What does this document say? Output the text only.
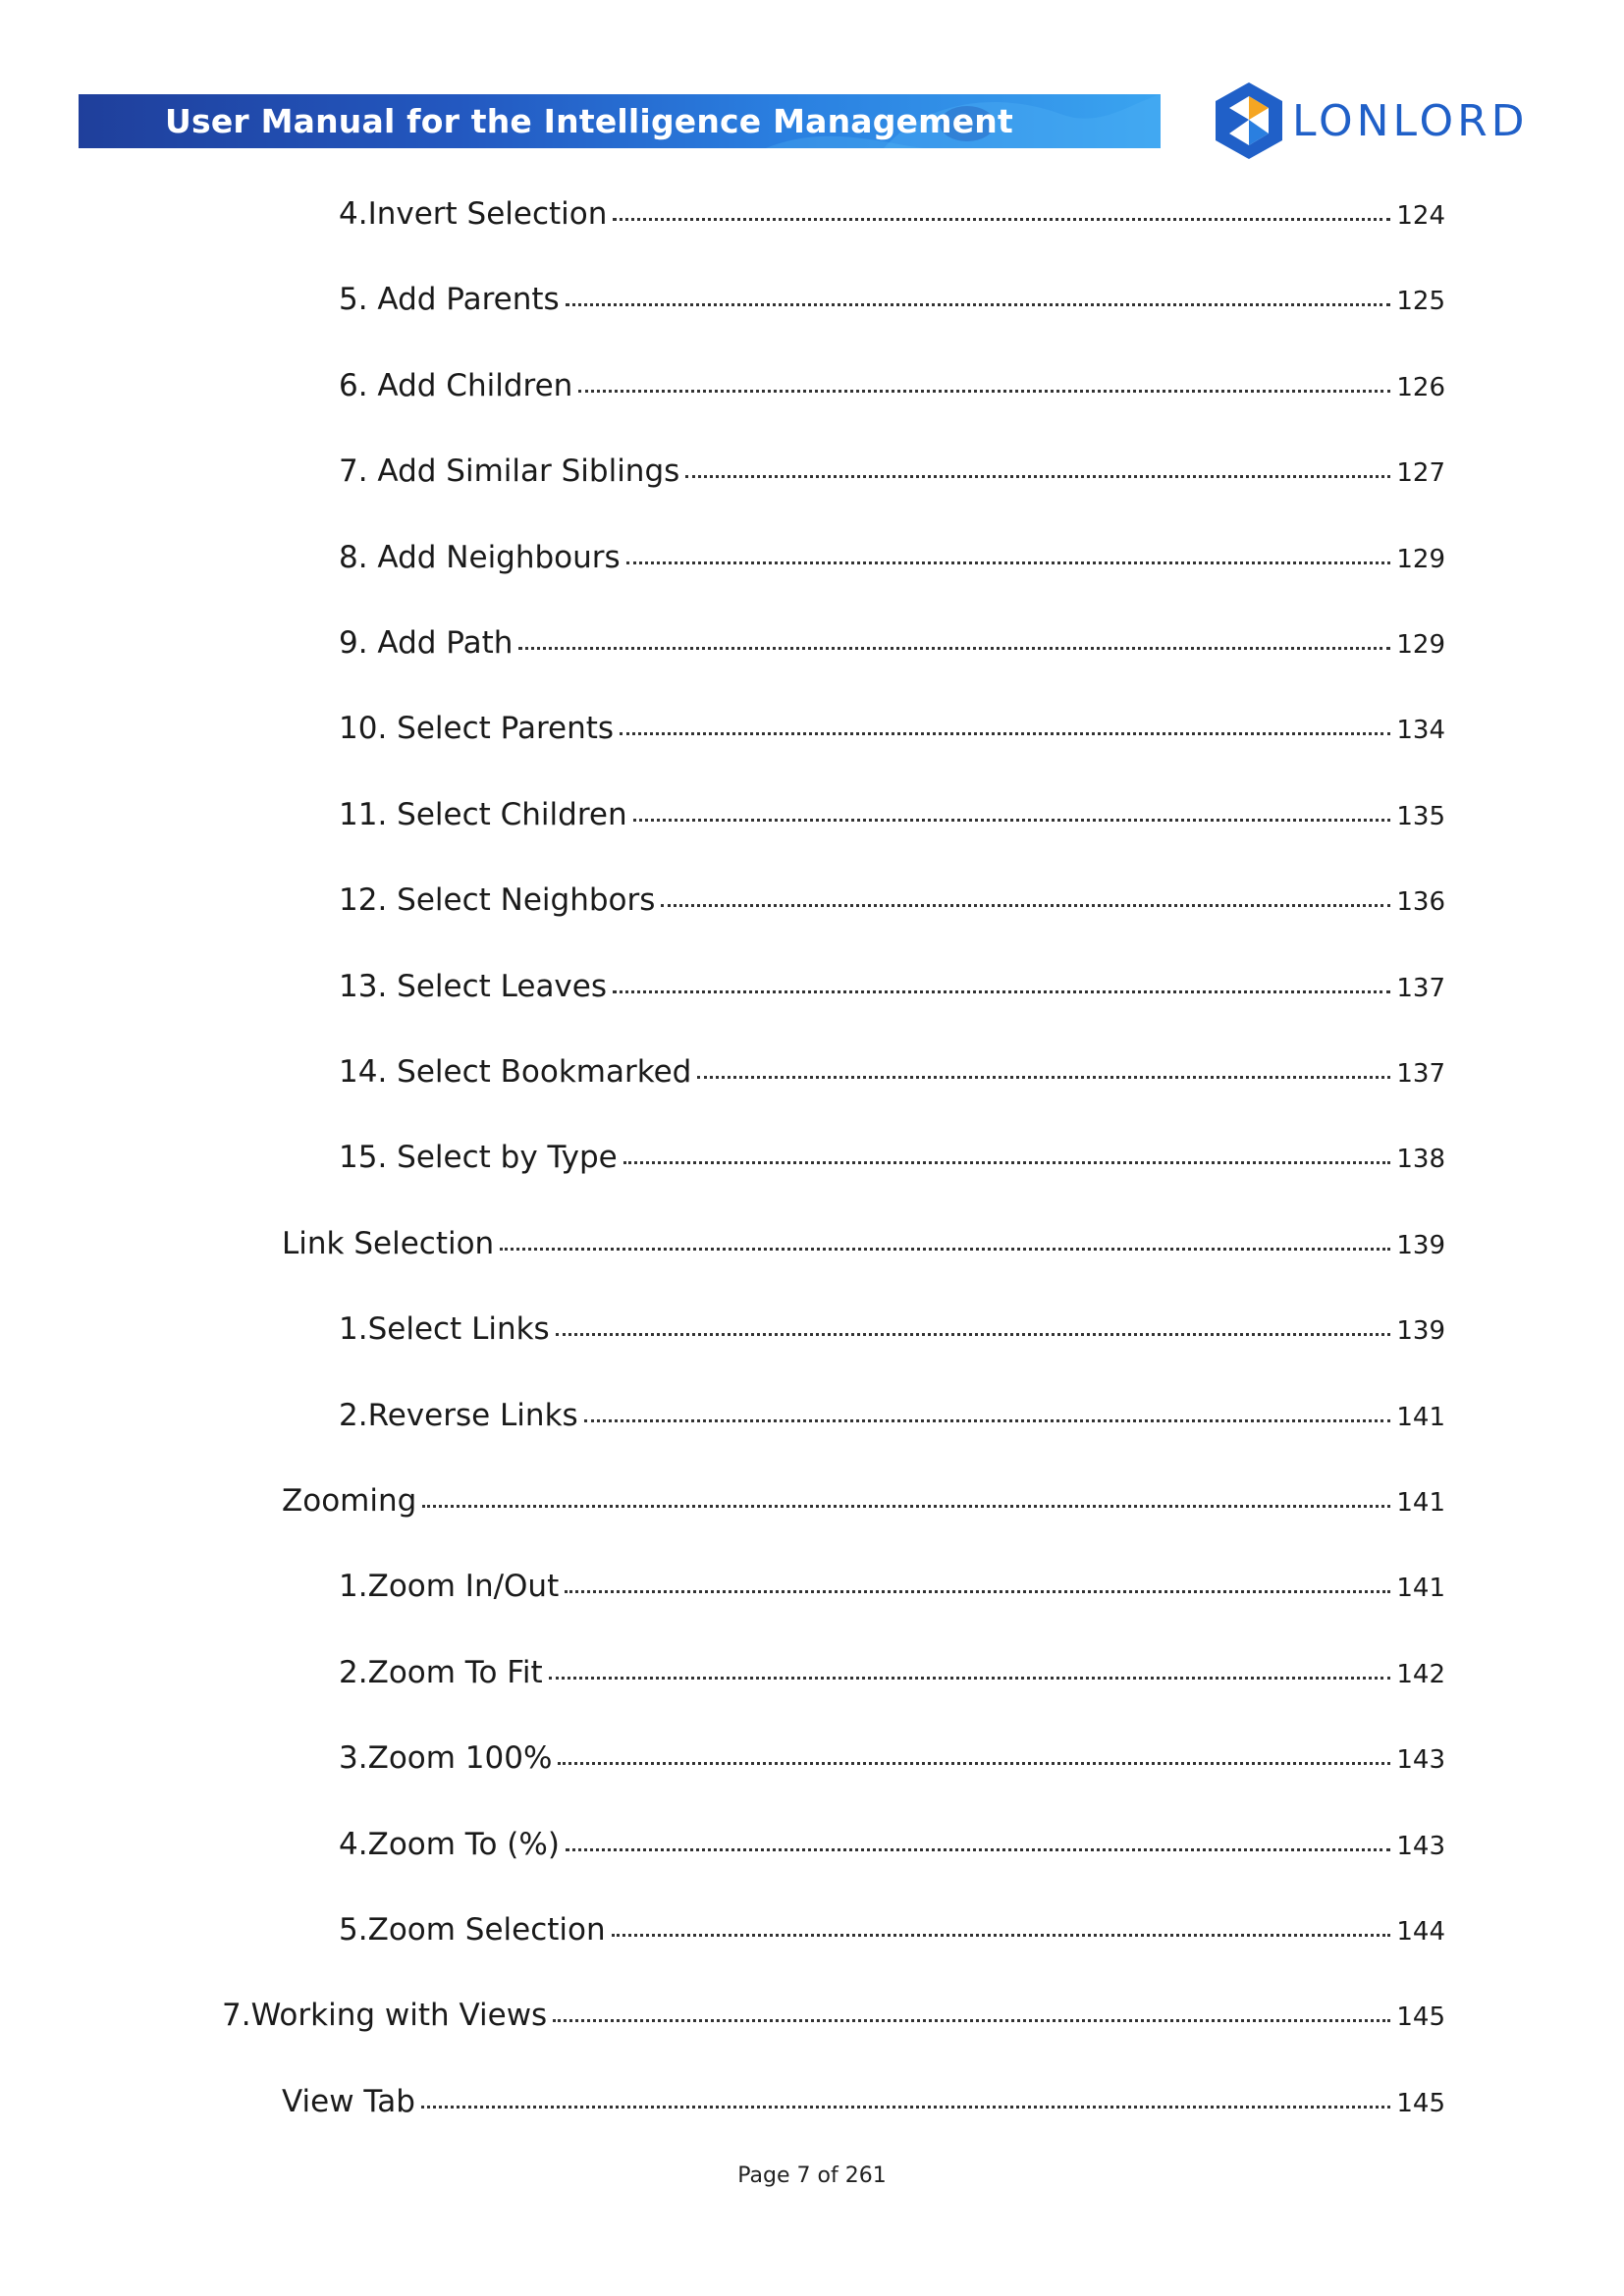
User Manual for the Intelligence Management System
LONLORD
4.Invert Selection	124
5. Add Parents	125
6. Add Children	126
7. Add Similar Siblings	127
8. Add Neighbours	129
9. Add Path	129
10. Select Parents	134
11. Select Children	135
12. Select Neighbors	136
13. Select Leaves	137
14. Select Bookmarked	137
15. Select by Type	138
Link Selection	139
1.Select Links	139
2.Reverse Links	141
Zooming	141
1.Zoom In/Out	141
2.Zoom To Fit	142
3.Zoom 100%	143
4.Zoom To (%)	143
5.Zoom Selection	144
7.Working with Views	145
View Tab	145
Page 7 of 261
